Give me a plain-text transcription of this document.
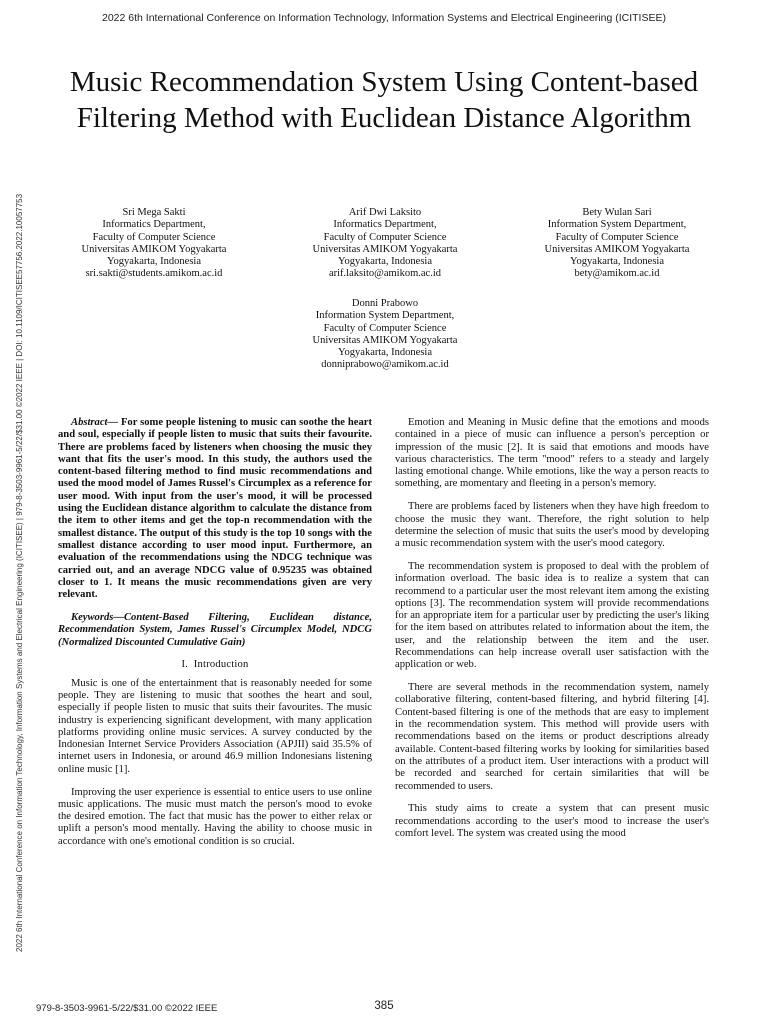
2022 6th International Conference on Information Technology, Information Systems and Electrical Engineering (ICITISEE)
2022 6th International Conference on Information Technology, Information Systems and Electrical Engineering (ICITISEE) | 979-8-3503-9961-5/22/$31.00 ©2022 IEEE | DOI: 10.1109/ICITISEE57756.2022.10057753
Music Recommendation System Using Content-based Filtering Method with Euclidean Distance Algorithm
Sri Mega Sakti
Informatics Department,
Faculty of Computer Science
Universitas AMIKOM Yogyakarta
Yogyakarta, Indonesia
sri.sakti@students.amikom.ac.id
Arif Dwi Laksito
Informatics Department,
Faculty of Computer Science
Universitas AMIKOM Yogyakarta
Yogyakarta, Indonesia
arif.laksito@amikom.ac.id
Bety Wulan Sari
Information System Department,
Faculty of Computer Science
Universitas AMIKOM Yogyakarta
Yogyakarta, Indonesia
bety@amikom.ac.id
Donni Prabowo
Information System Department,
Faculty of Computer Science
Universitas AMIKOM Yogyakarta
Yogyakarta, Indonesia
donniprabowo@amikom.ac.id

Abstract— For some people listening to music can soothe the heart and soul, especially if people listen to music that suits their favourite. There are problems faced by listeners when choosing the music they want that fits the user's mood. In this study, the authors used the content-based filtering method to find music recommendations and used the mood model of James Russel's Circumplex as a reference for user mood. With input from the user's mood, it will be processed using the Euclidean distance algorithm to calculate the distance from the item to other items and get the top-n recommendation with the smallest distance. The output of this study is the top 10 songs with the smallest distance according to user mood input. Furthermore, an evaluation of the recommendations using the NDCG technique was carried out, and an average NDCG value of 0.95235 was obtained closer to 1. It means the music recommendations given are very relevant.

Keywords—Content-Based Filtering, Euclidean distance, Recommendation System, James Russel's Circumplex Model, NDCG (Normalized Discounted Cumulative Gain)

I. Introduction

Music is one of the entertainment that is reasonably needed for some people. They are listening to music that soothes the heart and soul, especially if people listen to music that suits their favourites. The music industry is experiencing significant development, with many application platforms providing online music services. A survey conducted by the Indonesian Internet Service Providers Association (APJII) said 35.5% of internet users in Indonesia, or around 46.9 million Indonesians listening online music [1].

Improving the user experience is essential to entice users to use online music applications. The music must match the person's mood to evoke the desired emotion. The fact that music has the power to either relax or uplift a person's mood mentally. Having the ability to choose music in accordance with one's emotional condition is so crucial.

Emotion and Meaning in Music define that the emotions and moods contained in a piece of music can influence a person's perception or impression of the music [2]. It is said that emotions and moods have various characteristics. The term "mood" refers to a steady and largely lasting emotional change. While emotions, like the way a person reacts to something, are momentary and fleeting in a person's memory.

There are problems faced by listeners when they have high freedom to choose the music they want. Therefore, the right solution to help determine the selection of music that suits the user's mood by developing a music recommendation system with the user's mood category.

The recommendation system is proposed to deal with the problem of information overload. The basic idea is to realize a system that can recommend to a particular user the most relevant item among the existing options [3]. The recommendation system will provide recommendations for an appropriate item for a particular user by predicting the user's liking for the item based on attributes related to information about the item, the user, and the relationship between the item and the user. Recommendations can help increase overall user satisfaction with the application or web.

There are several methods in the recommendation system, namely collaborative filtering, content-based filtering, and hybrid filtering [4]. Content-based filtering is one of the methods that are easy to implement in the recommendation system. This method will provide users with recommendations based on the items or product descriptions already available. Content-based filtering works by looking for similarities based on the attributes of a product item. User interactions with a product will be recorded and searched for certain similarities that will be recommended to users.

This study aims to create a system that can present music recommendations according to the user's mood to increase the user's comfort level. The system was created using the mood

979-8-3503-9961-5/22/$31.00 ©2022 IEEE	385
